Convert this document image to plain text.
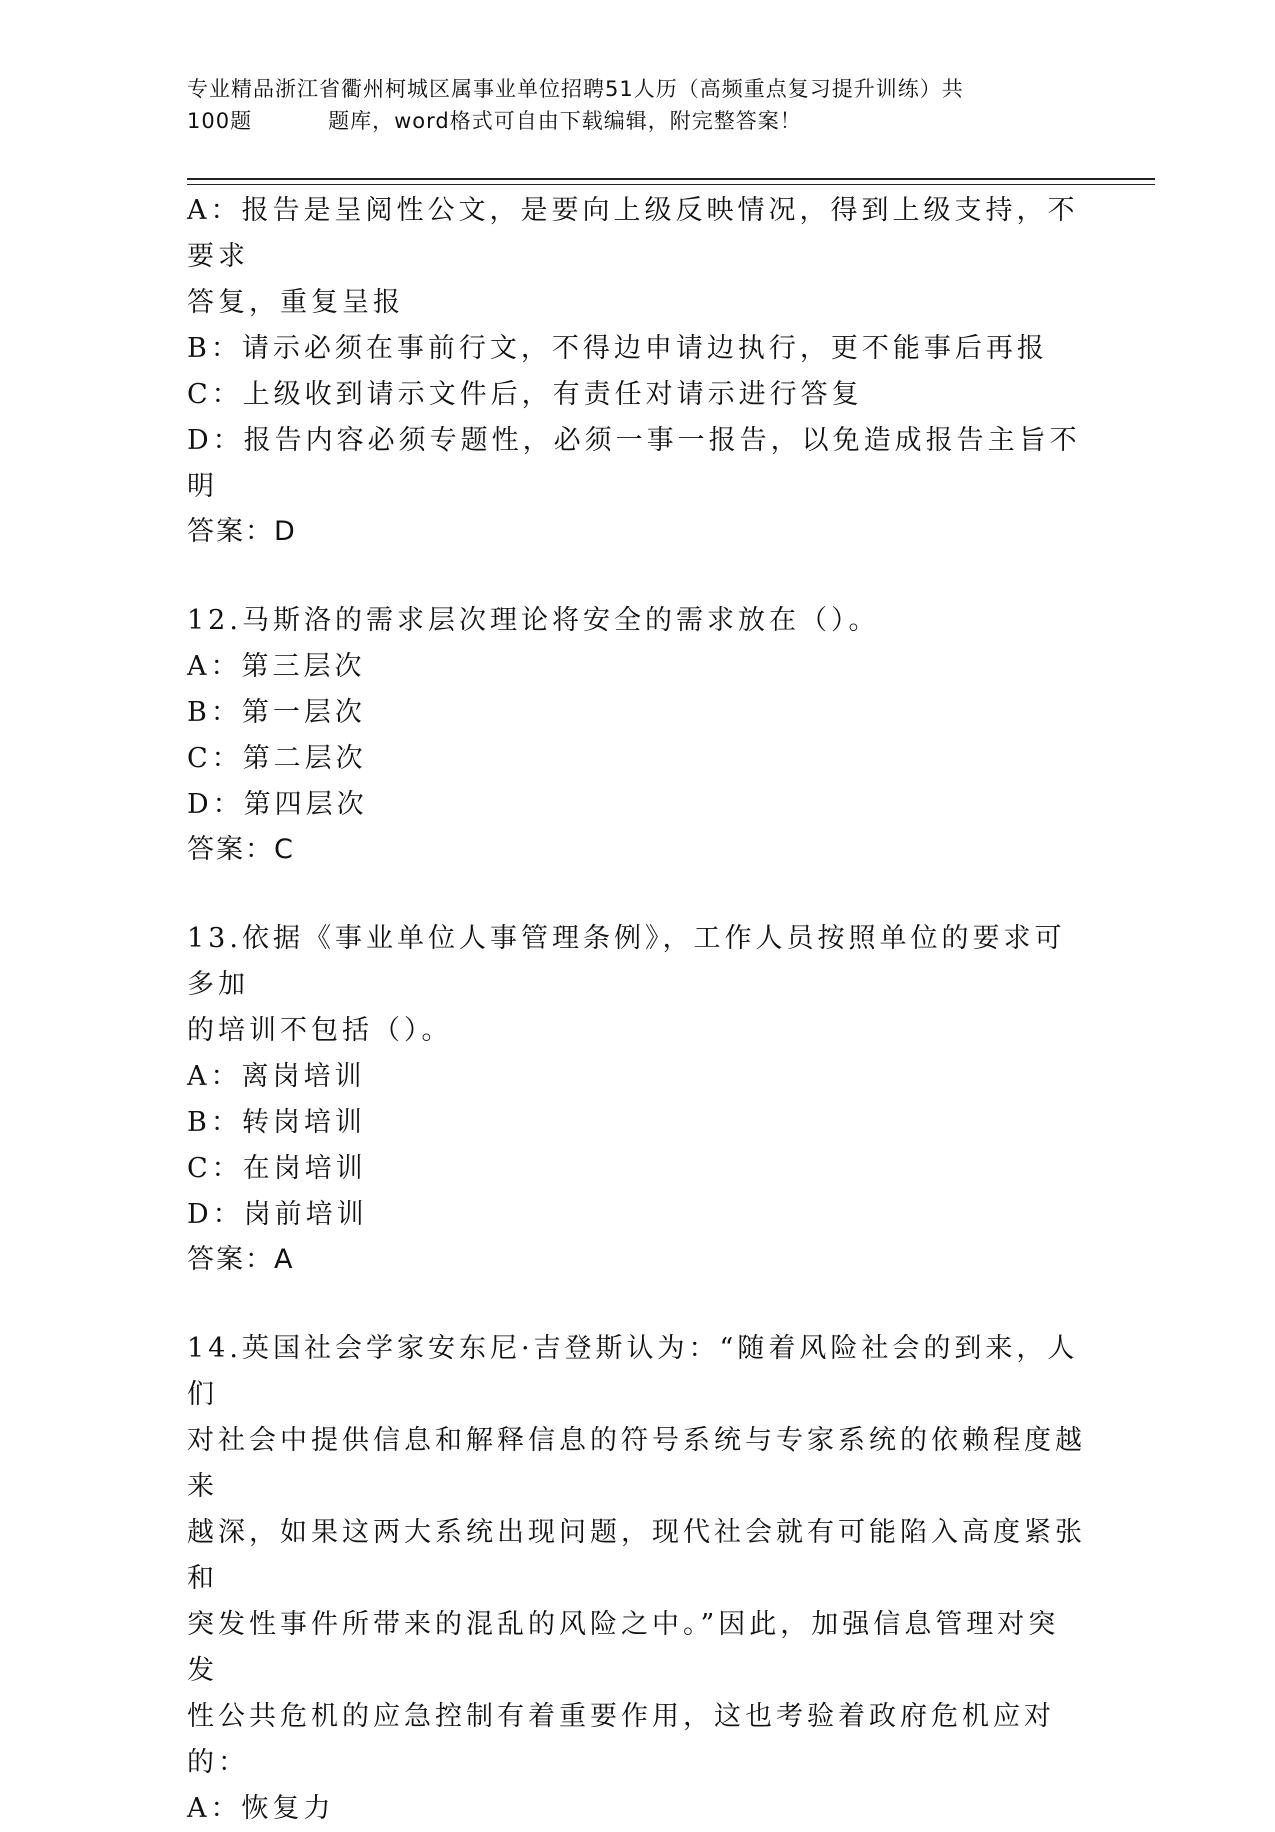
专业精品浙江省衢州柯城区属事业单位招聘51人历（高频重点复习提升训练）共
100题	题库，word格式可自由下载编辑，附完整答案！

A：报告是呈阅性公文，是要向上级反映情况，得到上级支持，不要求

答复，重复呈报

B：请示必须在事前行文，不得边申请边执行，更不能事后再报

C：上级收到请示文件后，有责任对请示进行答复

D：报告内容必须专题性，必须一事一报告，以免造成报告主旨不明

答案：D

12.马斯洛的需求层次理论将安全的需求放在（）。

A：第三层次

B：第一层次

C：第二层次

D：第四层次

答案：C

13.依据《事业单位人事管理条例》，工作人员按照单位的要求可多加

的培训不包括（）。

A：离岗培训

B：转岗培训

C：在岗培训

D：岗前培训

答案：A

14.英国社会学家安东尼·吉登斯认为：“随着风险社会的到来，人们

对社会中提供信息和解释信息的符号系统与专家系统的依赖程度越来

越深，如果这两大系统出现问题，现代社会就有可能陷入高度紧张和

突发性事件所带来的混乱的风险之中。”因此，加强信息管理对突发

性公共危机的应急控制有着重要作用，这也考验着政府危机应对的：

A：恢复力
